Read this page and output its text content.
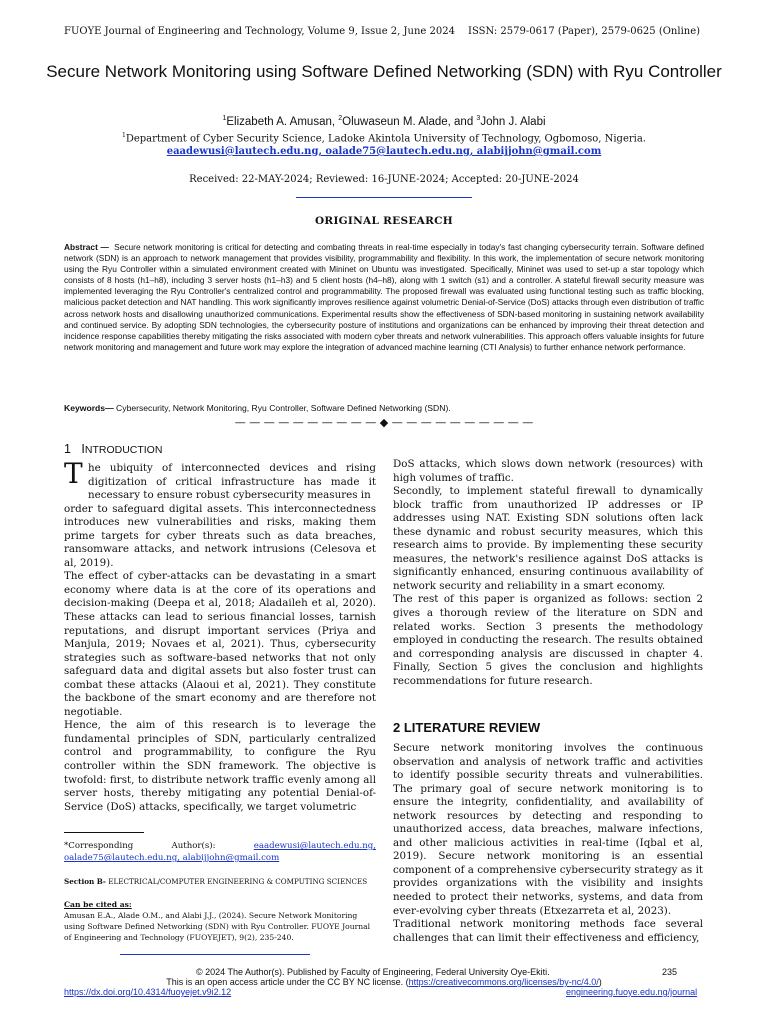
FUOYE Journal of Engineering and Technology, Volume 9, Issue 2, June 2024 ISSN: 2579-0617 (Paper), 2579-0625 (Online)
Secure Network Monitoring using Software Defined Networking (SDN) with Ryu Controller
$^1$Elizabeth A. Amusan, $^2$Oluwaseun M. Alade, and $^3$John J. Alabi
$^1$Department of Cyber Security Science, Ladoke Akintola University of Technology, Ogbomoso, Nigeria.
eaadewusi@lautech.edu.ng, oalade75@lautech.edu.ng, alabijjohn@gmail.com
Received: 22-MAY-2024; Reviewed: 16-JUNE-2024; Accepted: 20-JUNE-2024
ORIGINAL RESEARCH
Abstract — Secure network monitoring is critical for detecting and combating threats in real-time especially in today's fast changing cybersecurity terrain. Software defined network (SDN) is an approach to network management that provides visibility, programmability and flexibility. In this work, the implementation of secure network monitoring using the Ryu Controller within a simulated environment created with Mininet on Ubuntu was investigated. Specifically, Mininet was used to set-up a star topology which consists of 8 hosts (h1–h8), including 3 server hosts (h1–h3) and 5 client hosts (h4–h8), along with 1 switch (s1) and a controller. A stateful firewall security measure was implemented leveraging the Ryu Controller's centralized control and programmability. The proposed firewall was evaluated using functional testing such as traffic blocking, malicious packet detection and NAT handling. This work significantly improves resilience against volumetric Denial-of-Service (DoS) attacks through even distribution of traffic across network hosts and disallowing unauthorized communications. Experimental results show the effectiveness of SDN-based monitoring in sustaining network availability and continued service. By adopting SDN technologies, the cybersecurity posture of institutions and organizations can be enhanced by improving their threat detection and incidence response capabilities thereby mitigating the risks associated with modern cyber threats and network vulnerabilities. This approach offers valuable insights for future network monitoring and management and future work may explore the integration of advanced machine learning (CTI Analysis) to further enhance network performance.
Keywords— Cybersecurity, Network Monitoring, Ryu Controller, Software Defined Networking (SDN).
— — — — — — — — — — ◆ — — — — — — — — — —
1 INTRODUCTION
T he ubiquity of interconnected devices and rising digitization of critical infrastructure has made it necessary to ensure robust cybersecurity measures in

order to safeguard digital assets. This interconnectedness introduces new vulnerabilities and risks, making them prime targets for cyber threats such as data breaches, ransomware attacks, and network intrusions (Celesova et al, 2019).

The effect of cyber-attacks can be devastating in a smart economy where data is at the core of its operations and decision-making (Deepa et al, 2018; Aladaileh et al, 2020). These attacks can lead to serious financial losses, tarnish reputations, and disrupt important services (Priya and Manjula, 2019; Novaes et al, 2021). Thus, cybersecurity strategies such as software-based networks that not only safeguard data and digital assets but also foster trust can combat these attacks (Alaoui et al, 2021). They constitute the backbone of the smart economy and are therefore not negotiable.

Hence, the aim of this research is to leverage the fundamental principles of SDN, particularly centralized control and programmability, to configure the Ryu controller within the SDN framework. The objective is twofold: first, to distribute network traffic evenly among all server hosts, thereby mitigating any potential Denial-of-Service (DoS) attacks, specifically, we target volumetric

*Corresponding	Author(s):	eaadewusi@lautech.edu.ng,
oalade75@lautech.edu.ng, alabijjohn@gmail.com
Section B- ELECTRICAL/COMPUTER ENGINEERING & COMPUTING SCIENCES
Can be cited as:
Amusan E.A., Alade O.M., and Alabi J.J., (2024). Secure Network Monitoring using Software Defined Networking (SDN) with Ryu Controller. FUOYE Journal of Engineering and Technology (FUOYEJET), 9(2), 235-240.

DoS attacks, which slows down network (resources) with high volumes of traffic.

Secondly, to implement stateful firewall to dynamically block traffic from unauthorized IP addresses or IP addresses using NAT. Existing SDN solutions often lack these dynamic and robust security measures, which this research aims to provide. By implementing these security measures, the network's resilience against DoS attacks is significantly enhanced, ensuring continuous availability of network security and reliability in a smart economy.

The rest of this paper is organized as follows: section 2 gives a thorough review of the literature on SDN and related works. Section 3 presents the methodology employed in conducting the research. The results obtained and corresponding analysis are discussed in chapter 4. Finally, Section 5 gives the conclusion and highlights recommendations for future research.

2 LITERATURE REVIEW

Secure network monitoring involves the continuous observation and analysis of network traffic and activities to identify possible security threats and vulnerabilities. The primary goal of secure network monitoring is to ensure the integrity, confidentiality, and availability of network resources by detecting and responding to unauthorized access, data breaches, malware infections, and other malicious activities in real-time (Iqbal et al, 2019). Secure network monitoring is an essential component of a comprehensive cybersecurity strategy as it provides organizations with the visibility and insights needed to protect their networks, systems, and data from ever-evolving cyber threats (Etxezarreta et al, 2023).

Traditional network monitoring methods face several challenges that can limit their effectiveness and efficiency,

© 2024 The Author(s). Published by Faculty of Engineering, Federal University Oye-Ekiti.	235
This is an open access article under the CC BY NC license. (https://creativecommons.org/licenses/by-nc/4.0/)
https://dx.doi.org/10.4314/fuoyejet.v9i2.12	engineering.fuoye.edu.ng/journal
